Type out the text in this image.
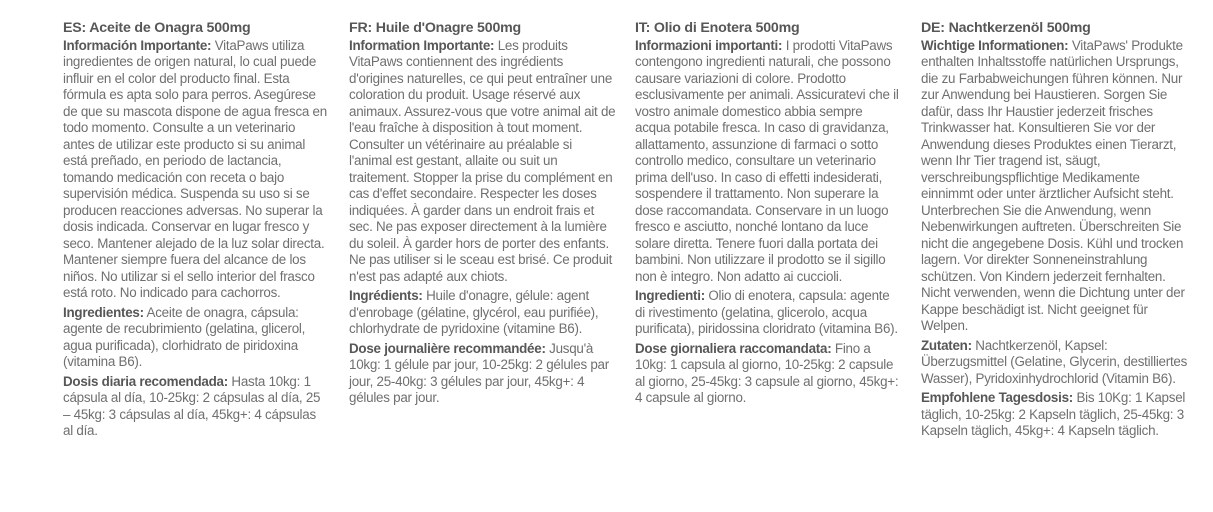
ES: Aceite de Onagra 500mg
Información Importante: VitaPaws utiliza ingredientes de origen natural, lo cual puede influir en el color del producto final. Esta fórmula es apta solo para perros. Asegúrese de que su mascota dispone de agua fresca en todo momento. Consulte a un veterinario antes de utilizar este producto si su animal está preñado, en periodo de lactancia, tomando medicación con receta o bajo supervisión médica. Suspenda su uso si se producen reacciones adversas. No superar la dosis indicada. Conservar en lugar fresco y seco. Mantener alejado de la luz solar directa. Mantener siempre fuera del alcance de los niños. No utilizar si el sello interior del frasco está roto. No indicado para cachorros.
Ingredientes: Aceite de onagra, cápsula: agente de recubrimiento (gelatina, glicerol, agua purificada), clorhidrato de piridoxina (vitamina B6).
Dosis diaria recomendada: Hasta 10kg: 1 cápsula al día, 10-25kg: 2 cápsulas al día, 25 – 45kg: 3 cápsulas al día, 45kg+: 4 cápsulas al día.
FR: Huile d'Onagre 500mg
Information Importante: Les produits VitaPaws contiennent des ingrédients d'origines naturelles, ce qui peut entraîner une coloration du produit. Usage réservé aux animaux. Assurez-vous que votre animal ait de l'eau fraîche à disposition à tout moment. Consulter un vétérinaire au préalable si l'animal est gestant, allaite ou suit un traitement. Stopper la prise du complément en cas d'effet secondaire. Respecter les doses indiquées. À garder dans un endroit frais et sec. Ne pas exposer directement à la lumière du soleil. À garder hors de porter des enfants. Ne pas utiliser si le sceau est brisé. Ce produit n'est pas adapté aux chiots.
Ingrédients: Huile d'onagre, gélule: agent d'enrobage (gélatine, glycérol, eau purifiée), chlorhydrate de pyridoxine (vitamine B6).
Dose journalière recommandée: Jusqu'à 10kg: 1 gélule par jour, 10-25kg: 2 gélules par jour, 25-40kg: 3 gélules par jour, 45kg+: 4 gélules par jour.
IT: Olio di Enotera 500mg
Informazioni importanti: I prodotti VitaPaws contengono ingredienti naturali, che possono causare variazioni di colore. Prodotto esclusivamente per animali. Assicuratevi che il vostro animale domestico abbia sempre acqua potabile fresca. In caso di gravidanza, allattamento, assunzione di farmaci o sotto controllo medico, consultare un veterinario prima dell'uso. In caso di effetti indesiderati, sospendere il trattamento. Non superare la dose raccomandata. Conservare in un luogo fresco e asciutto, nonché lontano da luce solare diretta. Tenere fuori dalla portata dei bambini. Non utilizzare il prodotto se il sigillo non è integro. Non adatto ai cuccioli.
Ingredienti: Olio di enotera, capsula: agente di rivestimento (gelatina, glicerolo, acqua purificata), piridossina cloridrato (vitamina B6).
Dose giornaliera raccomandata: Fino a 10kg: 1 capsula al giorno, 10-25kg: 2 capsule al giorno, 25-45kg: 3 capsule al giorno, 45kg+: 4 capsule al giorno.
DE: Nachtkerzenöl 500mg
Wichtige Informationen: VitaPaws' Produkte enthalten Inhaltsstoffe natürlichen Ursprungs, die zu Farbabweichungen führen können. Nur zur Anwendung bei Haustieren. Sorgen Sie dafür, dass Ihr Haustier jederzeit frisches Trinkwasser hat. Konsultieren Sie vor der Anwendung dieses Produktes einen Tierarzt, wenn Ihr Tier tragend ist, säugt, verschreibungspflichtige Medikamente einnimmt oder unter ärztlicher Aufsicht steht. Unterbrechen Sie die Anwendung, wenn Nebenwirkungen auftreten. Überschreiten Sie nicht die angegebene Dosis. Kühl und trocken lagern. Vor direkter Sonneneinstrahlung schützen. Von Kindern jederzeit fernhalten. Nicht verwenden, wenn die Dichtung unter der Kappe beschädigt ist. Nicht geeignet für Welpen.
Zutaten: Nachtkerzenöl, Kapsel: Überzugsmittel (Gelatine, Glycerin, destilliertes Wasser), Pyridoxinhydrochlorid (Vitamin B6).
Empfohlene Tagesdosis: Bis 10Kg: 1 Kapsel täglich, 10-25kg: 2 Kapseln täglich, 25-45kg: 3 Kapseln täglich, 45kg+: 4 Kapseln täglich.
